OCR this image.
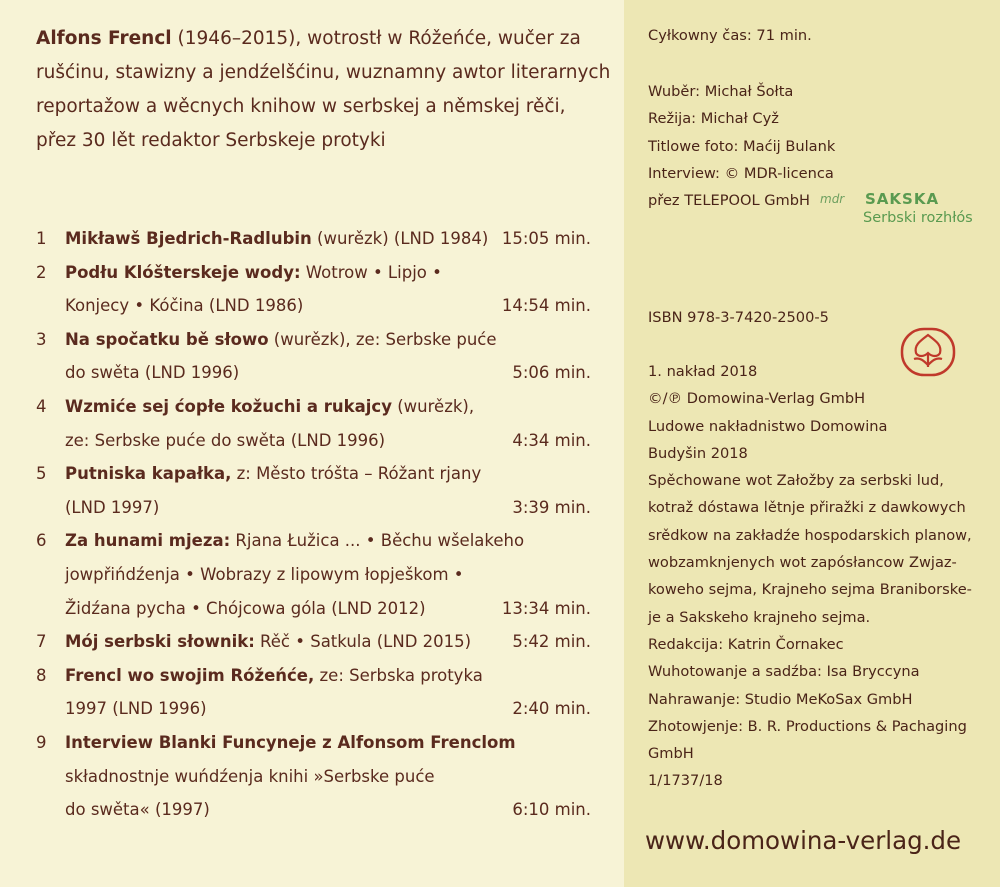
Alfons Frencl (1946–2015), wotrostł w Róžeńće, wučer za rušćinu, stawizny a jendźelšćinu, wuznamny awtor literarnych reportažow a wěcnych knihow w serbskej a němskej rěči, přez 30 lět redaktor Serbskeje protyki
1	Mikławš Bjedrich-Radlubin (wurězk) (LND 1984) 15:05 min.
2	Podłu Klóšterskeje wody: Wotrow • Lipjo •
Konjecy • Kóčina (LND 1986)	14:54 min.
3	Na spočatku bě słowo (wurězk), ze: Serbske puće
do swěta (LND 1996)	5:06 min.
4	Wzmiće sej ćopłe kožuchi a rukajcy (wurězk),
ze: Serbske puće do swěta (LND 1996)	4:34 min.
5	Putniska kapałka, z: Město tróšta – Róžant rjany
(LND 1997)	3:39 min.
6	Za hunami mjeza: Rjana Łužica ... • Běchu wšelakeho
jowpřińdźenja • Wobrazy z lipowym łopješkom •
Židźana pycha • Chójcowa góla (LND 2012)	13:34 min.
7	Mój serbski słownik: Rěč • Satkula (LND 2015)	5:42 min.
8	Frencl wo swojim Róžeńće, ze: Serbska protyka
1997 (LND 1996)	2:40 min.
9	Interview Blanki Funcyneje z Alfonsom Frenclom
składnostnje wuńdźenja knihi »Serbske puće
do swěta« (1997)	6:10 min.
Cyłkowny čas: 71 min.
Wuběr: Michał Šołta
Režija: Michał Cyž
Titlowe foto: Maćij Bulank
Interview: © MDR-licenca
přez TELEPOOL GmbH mdr SAKSKA
Serbski rozhłós
ISBN 978-3-7420-2500-5
1. nakład 2018
©/℗ Domowina-Verlag GmbH
Ludowe nakładnistwo Domowina
Budyšin 2018
Spěchowane wot Załožby za serbski lud,
kotraž dóstawa lětnje přiražki z dawkowych
srědkow na zakładźe hospodarskich planow,
wobzamknjenych wot zapósłancow Zwjaz-
koweho sejma, Krajneho sejma Braniborske-
je a Sakskeho krajneho sejma.
Redakcija: Katrin Čornakec
Wuhotowanje a sadźba: Isa Bryccyna
Nahrawanje: Studio MeKoSax GmbH
Zhotowjenje: B. R. Productions & Pachaging
GmbH
1/1737/18
www.domowina-verlag.de
